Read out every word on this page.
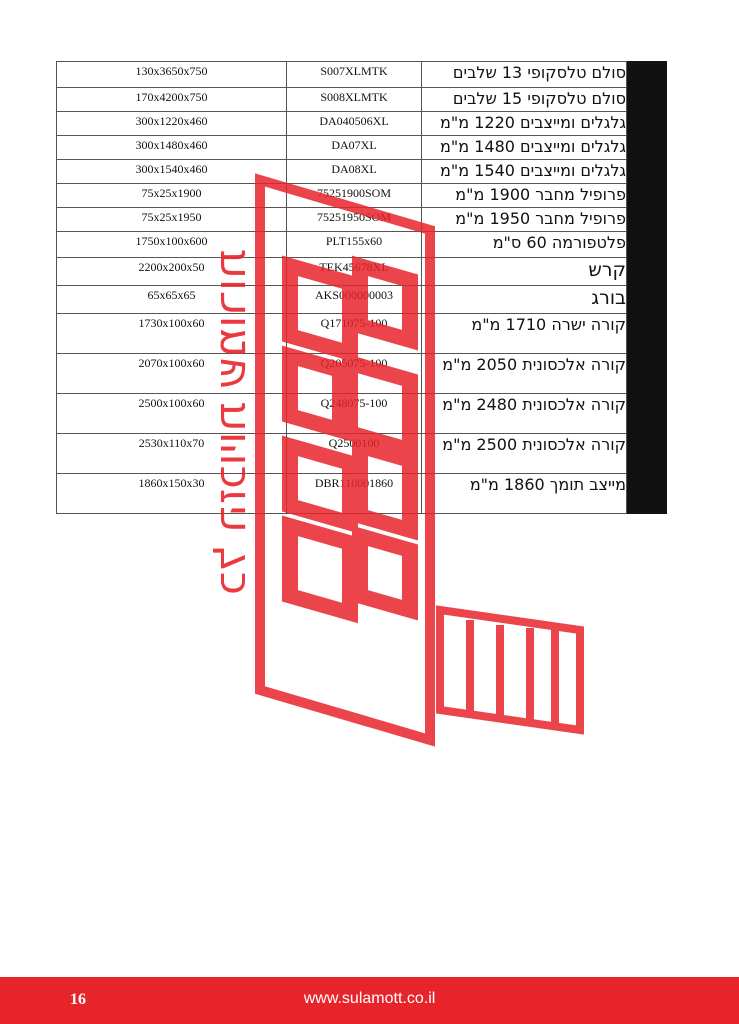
130x3650x750	S007XLMTK	סולם טלסקופי 13 שלבים	
170x4200x750	S008XLMTK	סולם טלסקופי 15 שלבים	
300x1220x460	DA040506XL	גלגלים ומייצבים 1220 מ"מ	
300x1480x460	DA07XL	גלגלים ומייצבים 1480 מ"מ	
300x1540x460	DA08XL	גלגלים ומייצבים 1540 מ"מ	
75x25x1900	75251900SOM	פרופיל מחבר 1900 מ"מ	
75x25x1950	75251950SOM	פרופיל מחבר 1950 מ"מ	
1750x100x600	PLT155x60	פלטפורמה 60 ס"מ	
2200x200x50	TEK45678XL	קרש	
65x65x65	AKS000000003	בורג	
1730x100x60	Q171075-100	קורה ישרה 1710 מ"מ	
2070x100x60	Q205075-100	קורה אלכסונית 2050 מ"מ	
2500x100x60	Q248075-100	קורה אלכסונית 2480 מ"מ	
2530x110x70	Q2500100	קורה אלכסונית 2500 מ"מ	
1860x150x30	DBR110001860	מייצב תומך 1860 מ"מ	
כל הזכויות שמורות
16	www.sulamott.co.il
